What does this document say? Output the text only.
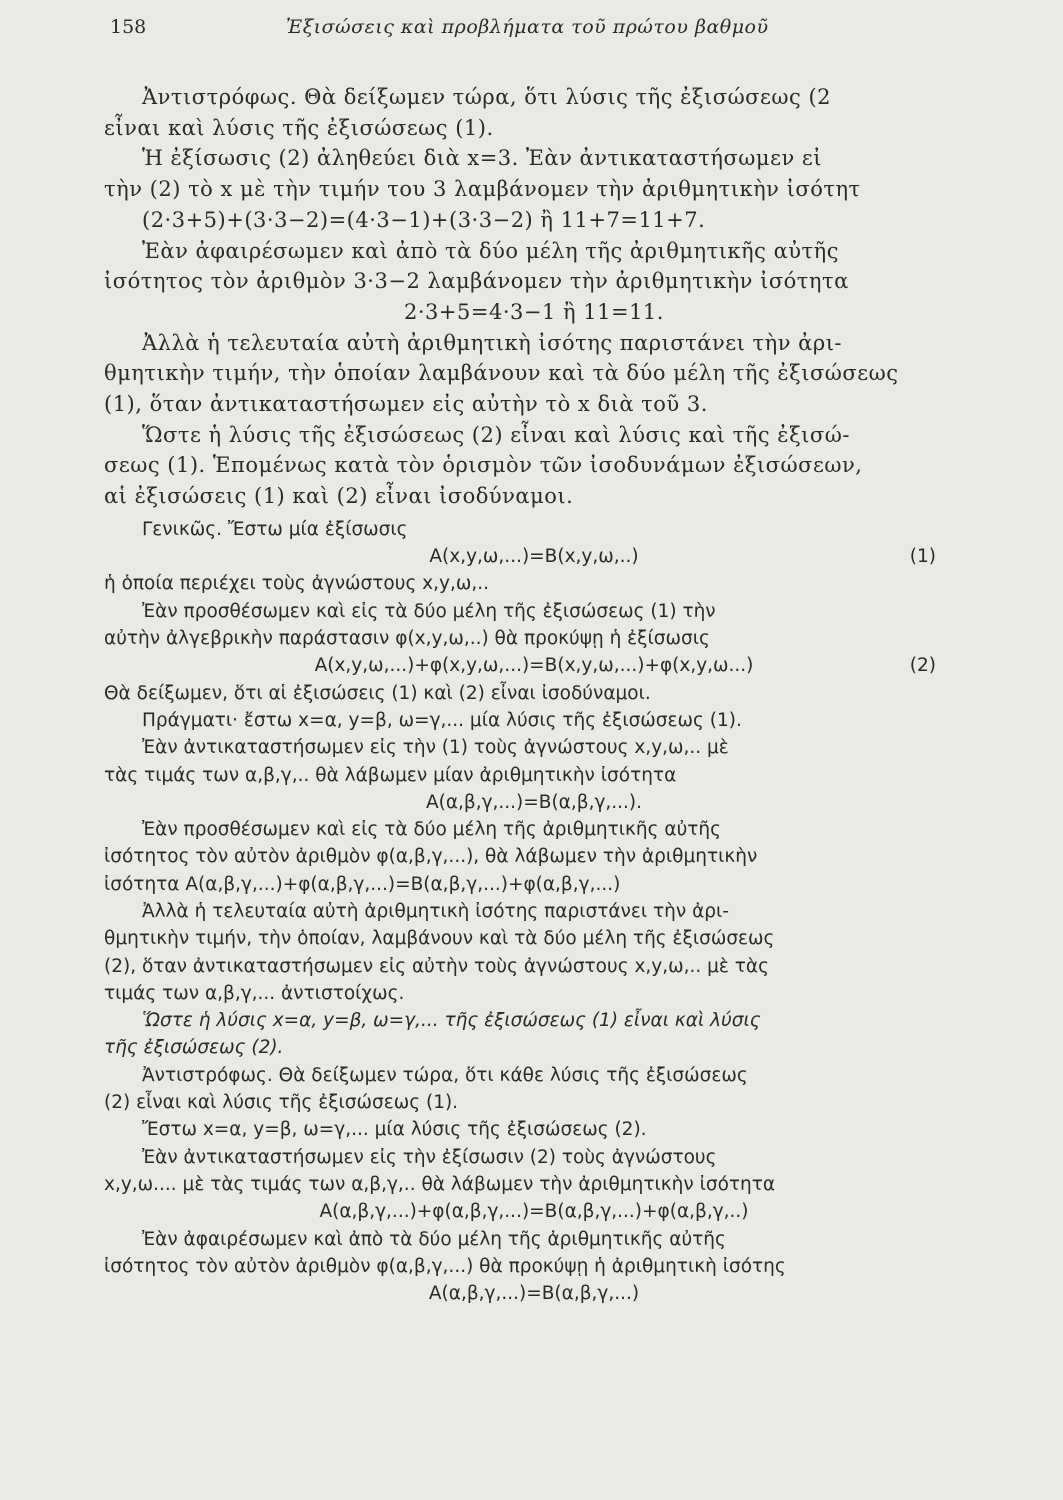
158	Ἐξισώσεις καὶ προβλήματα τοῦ πρώτου βαθμοῦ

Ἀντιστρόφως. Θὰ δείξωμεν τώρα, ὅτι λύσις τῆς ἐξισώσεως (2

εἶναι καὶ λύσις τῆς ἐξισώσεως (1).

Ἡ ἐξίσωσις (2) ἀληθεύει διὰ x=3. Ἐὰν ἀντικαταστήσωμεν εἰ

τὴν (2) τὸ x μὲ τὴν τιμήν του 3 λαμβάνομεν τὴν ἀριθμητικὴν ἰσότητ

(2·3+5)+(3·3−2)=(4·3−1)+(3·3−2) ἢ 11+7=11+7.

Ἐὰν ἀφαιρέσωμεν καὶ ἀπὸ τὰ δύο μέλη τῆς ἀριθμητικῆς αὐτῆς

ἰσότητος τὸν ἀριθμὸν 3·3−2 λαμβάνομεν τὴν ἀριθμητικὴν ἰσότητα

2·3+5=4·3−1 ἢ 11=11.

Ἀλλὰ ἡ τελευταία αὐτὴ ἀριθμητικὴ ἰσότης παριστάνει τὴν ἀρι-

θμητικὴν τιμήν, τὴν ὁποίαν λαμβάνουν καὶ τὰ δύο μέλη τῆς ἐξισώσεως

(1), ὅταν ἀντικαταστήσωμεν εἰς αὐτὴν τὸ x διὰ τοῦ 3.

Ὥστε ἡ λύσις τῆς ἐξισώσεως (2) εἶναι καὶ λύσις καὶ τῆς ἐξισώ-

σεως (1). Ἑπομένως κατὰ τὸν ὁρισμὸν τῶν ἰσοδυνάμων ἐξισώσεων,

αἱ ἐξισώσεις (1) καὶ (2) εἶναι ἰσοδύναμοι.

Γενικῶς. Ἔστω μία ἐξίσωσις

A(x,y,ω,...)=B(x,y,ω,..)	(1)

ἡ ὁποία περιέχει τοὺς ἀγνώστους x,y,ω,..

Ἐὰν προσθέσωμεν καὶ εἰς τὰ δύο μέλη τῆς ἐξισώσεως (1) τὴν

αὐτὴν ἀλγεβρικὴν παράστασιν φ(x,y,ω,..) θὰ προκύψῃ ἡ ἐξίσωσις

A(x,y,ω,...)+φ(x,y,ω,...)=B(x,y,ω,...)+φ(x,y,ω...)	(2)

Θὰ δείξωμεν, ὅτι αἱ ἐξισώσεις (1) καὶ (2) εἶναι ἰσοδύναμοι.

Πράγματι· ἔστω x=α, y=β, ω=γ,... μία λύσις τῆς ἐξισώσεως (1).

Ἐὰν ἀντικαταστήσωμεν εἰς τὴν (1) τοὺς ἀγνώστους x,y,ω,.. μὲ

τὰς τιμάς των α,β,γ,.. θὰ λάβωμεν μίαν ἀριθμητικὴν ἰσότητα

A(α,β,γ,...)=B(α,β,γ,...).

Ἐὰν προσθέσωμεν καὶ εἰς τὰ δύο μέλη τῆς ἀριθμητικῆς αὐτῆς

ἰσότητος τὸν αὐτὸν ἀριθμὸν φ(α,β,γ,...), θὰ λάβωμεν τὴν ἀριθμητικὴν

ἰσότητα A(α,β,γ,...)+φ(α,β,γ,...)=B(α,β,γ,...)+φ(α,β,γ,...)

Ἀλλὰ ἡ τελευταία αὐτὴ ἀριθμητικὴ ἰσότης παριστάνει τὴν ἀρι-

θμητικὴν τιμήν, τὴν ὁποίαν, λαμβάνουν καὶ τὰ δύο μέλη τῆς ἐξισώσεως

(2), ὅταν ἀντικαταστήσωμεν εἰς αὐτὴν τοὺς ἀγνώστους x,y,ω,.. μὲ τὰς

τιμάς των α,β,γ,... ἀντιστοίχως.

Ὥστε ἡ λύσις x=α, y=β, ω=γ,... τῆς ἐξισώσεως (1) εἶναι καὶ λύσις

τῆς ἐξισώσεως (2).

Ἀντιστρόφως. Θὰ δείξωμεν τώρα, ὅτι κάθε λύσις τῆς ἐξισώσεως

(2) εἶναι καὶ λύσις τῆς ἐξισώσεως (1).

Ἔστω x=α, y=β, ω=γ,... μία λύσις τῆς ἐξισώσεως (2).

Ἐὰν ἀντικαταστήσωμεν εἰς τὴν ἐξίσωσιν (2) τοὺς ἀγνώστους

x,y,ω.... μὲ τὰς τιμάς των α,β,γ,.. θὰ λάβωμεν τὴν ἀριθμητικὴν ἰσότητα

A(α,β,γ,...)+φ(α,β,γ,...)=B(α,β,γ,...)+φ(α,β,γ,..)

Ἐὰν ἀφαιρέσωμεν καὶ ἀπὸ τὰ δύο μέλη τῆς ἀριθμητικῆς αὐτῆς

ἰσότητος τὸν αὐτὸν ἀριθμὸν φ(α,β,γ,...) θὰ προκύψῃ ἡ ἀριθμητικὴ ἰσότης

A(α,β,γ,...)=B(α,β,γ,...)
